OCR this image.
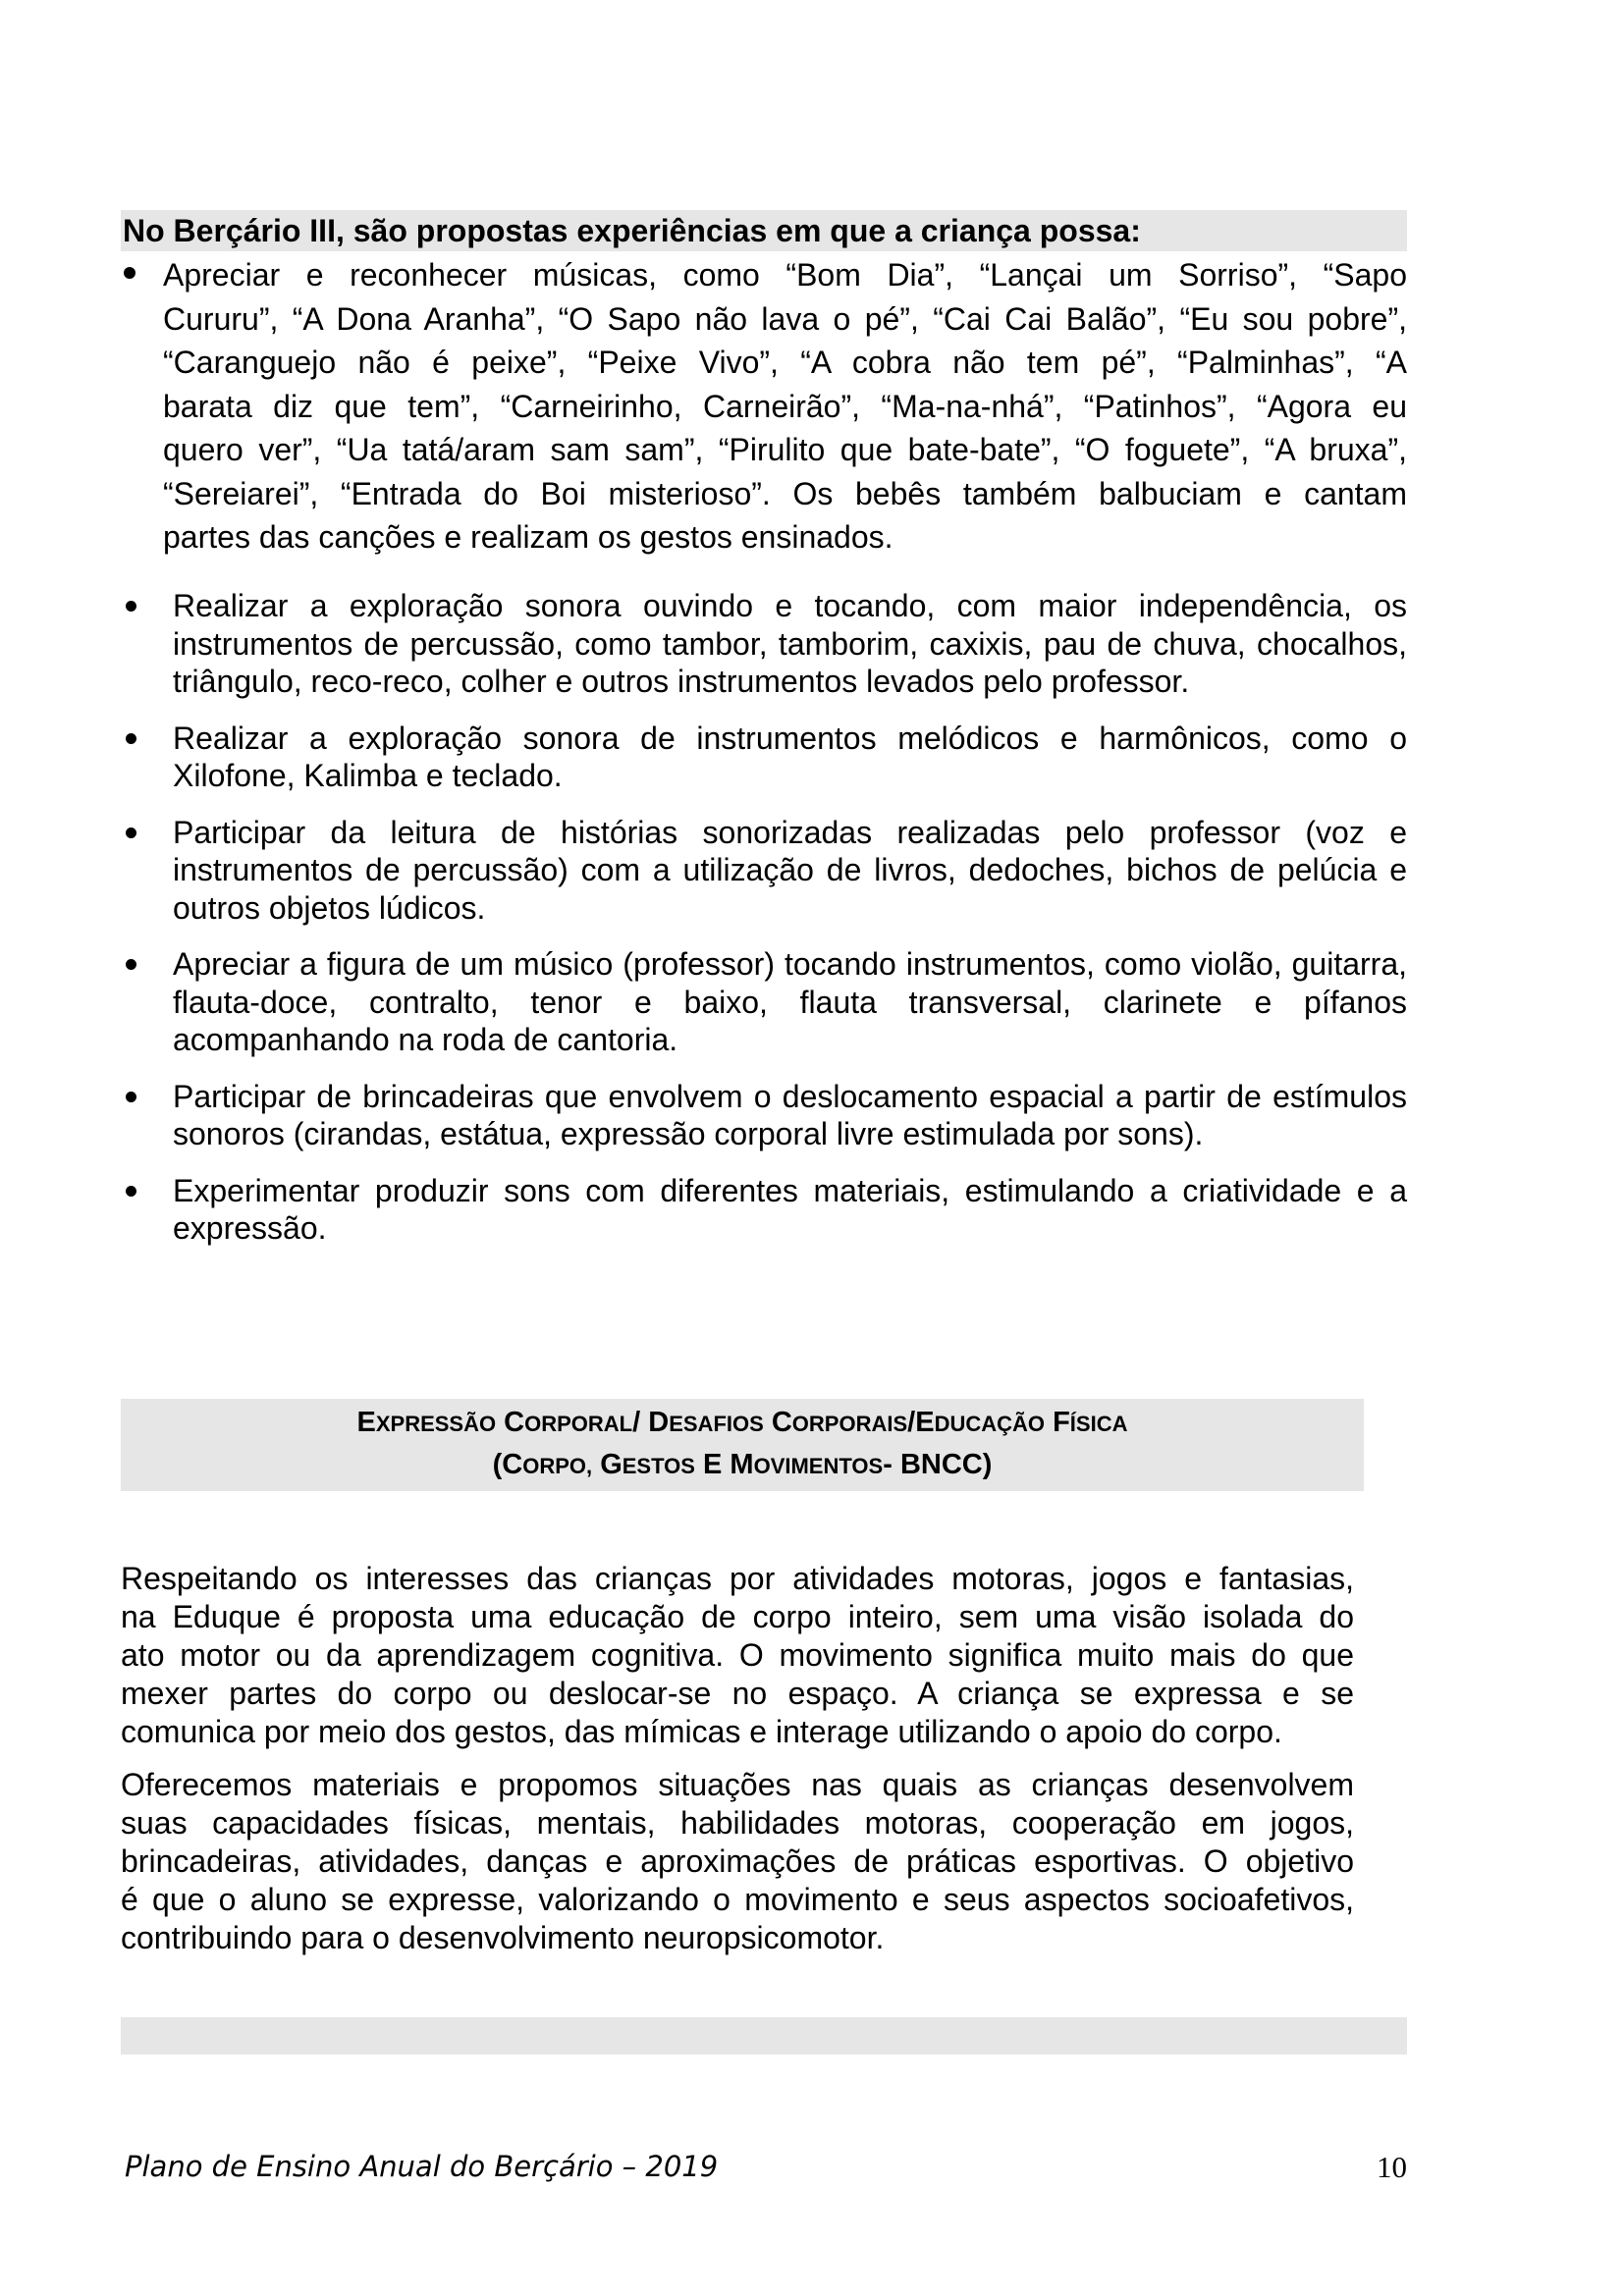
No Berçário III, são propostas experiências em que a criança possa:
Apreciar e reconhecer músicas, como “Bom Dia”, “Lançai um Sorriso”, “Sapo
Cururu”, “A Dona Aranha”, “O Sapo não lava o pé”, “Cai Cai Balão”, “Eu sou pobre”,
“Caranguejo não é peixe”, “Peixe Vivo”, “A cobra não tem pé”, “Palminhas”, “A
barata diz que tem”, “Carneirinho, Carneirão”, “Ma-na-nhá”, “Patinhos”, “Agora eu
quero ver”, “Ua tatá/aram sam sam”, “Pirulito que bate-bate”, “O foguete”, “A bruxa”,
“Sereiarei”, “Entrada do Boi misterioso”. Os bebês também balbuciam e cantam
partes das canções e realizam os gestos ensinados.
Realizar a exploração sonora ouvindo e tocando, com maior independência, os instrumentos de percussão, como tambor, tamborim, caxixis, pau de chuva, chocalhos, triângulo, reco-reco, colher e outros instrumentos levados pelo professor.
Realizar a exploração sonora de instrumentos melódicos e harmônicos, como o Xilofone, Kalimba e teclado.
Participar da leitura de histórias sonorizadas realizadas pelo professor (voz e instrumentos de percussão) com a utilização de livros, dedoches, bichos de pelúcia e outros objetos lúdicos.
Apreciar a figura de um músico (professor) tocando instrumentos, como violão, guitarra, flauta-doce, contralto, tenor e baixo, flauta transversal, clarinete e pífanos acompanhando na roda de cantoria.
Participar de brincadeiras que envolvem o deslocamento espacial a partir de estímulos sonoros (cirandas, estátua, expressão corporal livre estimulada por sons).
Experimentar produzir sons com diferentes materiais, estimulando a criatividade e a expressão.
EXPRESSÃO CORPORAL/ DESAFIOS CORPORAIS/EDUCAÇÃO FÍSICA
(CORPO, GESTOS E MOVIMENTOS- BNCC)

Respeitando os interesses das crianças por atividades motoras, jogos e fantasias,
na Eduque é proposta uma educação de corpo inteiro, sem uma visão isolada do
ato motor ou da aprendizagem cognitiva. O movimento significa muito mais do que
mexer partes do corpo ou deslocar-se no espaço. A criança se expressa e se
comunica por meio dos gestos, das mímicas e interage utilizando o apoio do corpo.

Oferecemos materiais e propomos situações nas quais as crianças desenvolvem
suas capacidades físicas, mentais, habilidades motoras, cooperação em jogos,
brincadeiras, atividades, danças e aproximações de práticas esportivas. O objetivo
é que o aluno se expresse, valorizando o movimento e seus aspectos socioafetivos,
contribuindo para o desenvolvimento neuropsicomotor.

Plano de Ensino Anual do Berçário – 2019	10
